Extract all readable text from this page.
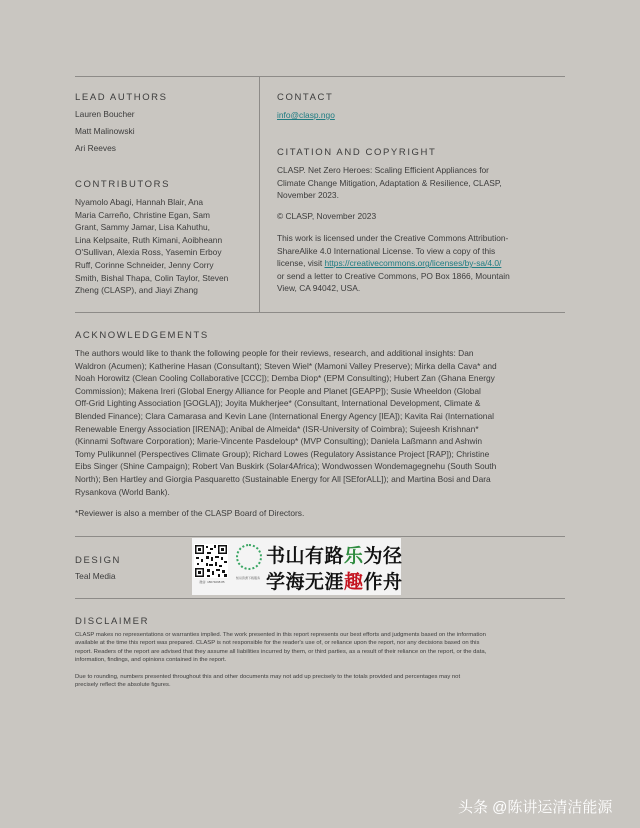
LEAD AUTHORS
Lauren Boucher
Matt Malinowski
Ari Reeves
CONTRIBUTORS
Nyamolo Abagi, Hannah Blair, Ana
Maria Carreño, Christine Egan, Sam
Grant, Sammy Jamar, Lisa Kahuthu,
Lina Kelpsaite, Ruth Kimani, Aoibheann
O'Sullivan, Alexia Ross, Yasemin Erboy
Ruff, Corinne Schneider, Jenny Corry
Smith, Bishal Thapa, Colin Taylor, Steven
Zheng (CLASP), and Jiayi Zhang
CONTACT
info@clasp.ngo
CITATION AND COPYRIGHT
CLASP. Net Zero Heroes: Scaling Efficient Appliances for
Climate Change Mitigation, Adaptation & Resilience, CLASP,
November 2023.
© CLASP, November 2023
This work is licensed under the Creative Commons Attribution-
ShareAlike 4.0 International License. To view a copy of this
license, visit https://creativecommons.org/licenses/by-sa/4.0/
or send a letter to Creative Commons, PO Box 1866, Mountain
View, CA 94042, USA.
ACKNOWLEDGEMENTS
The authors would like to thank the following people for their reviews, research, and additional insights: Dan
Waldron (Acumen); Katherine Hasan (Consultant); Steven Wiel* (Mamoni Valley Preserve); Mirka della Cava* and
Noah Horowitz (Clean Cooling Collaborative [CCC]); Demba Diop* (EPM Consulting); Hubert Zan (Ghana Energy
Commission); Makena Ireri (Global Energy Alliance for People and Planet [GEAPP]); Susie Wheeldon (Global
Off-Grid Lighting Association [GOGLA]); Joyita Mukherjee* (Consultant, International Development, Climate &
Blended Finance); Clara Camarasa and Kevin Lane (International Energy Agency [IEA]); Kavita Rai (International
Renewable Energy Association [IRENA]); Anibal de Almeida* (ISR-University of Coimbra); Sujeesh Krishnan*
(Kinnami Software Corporation); Marie-Vincente Pasdeloup* (MVP Consulting); Daniela Laßmann and Ashwin
Tomy Pulikunnel (Perspectives Climate Group); Richard Lowes (Regulatory Assistance Project [RAP]); Christine
Eibs Singer (Shine Campaign); Robert Van Buskirk (Solar4Africa); Wondwossen Wondemagegnehu (South South
North); Ben Hartley and Giorgia Pasquaretto (Sustainable Energy for All [SEforALL]); and Martina Bosi and Dara
Rysankova (World Bank).
*Reviewer is also a member of the CLASP Board of Directors.
DESIGN
Teal Media
微信: 18674098 85
知识资源下载服务
书山有路乐为径
学海无涯趣作舟
DISCLAIMER
CLASP makes no representations or warranties implied. The work presented in this report represents our best efforts and judgments based on the information
available at the time this report was prepared. CLASP is not responsible for the reader's use of, or reliance upon the report, nor any decisions based on this
report. Readers of the report are advised that they assume all liabilities incurred by them, or third parties, as a result of their reliance on the report, or the data,
information, findings, and opinions contained in the report.
Due to rounding, numbers presented throughout this and other documents may not add up precisely to the totals provided and percentages may not
precisely reflect the absolute figures.
头条 @陈讲运清洁能源
